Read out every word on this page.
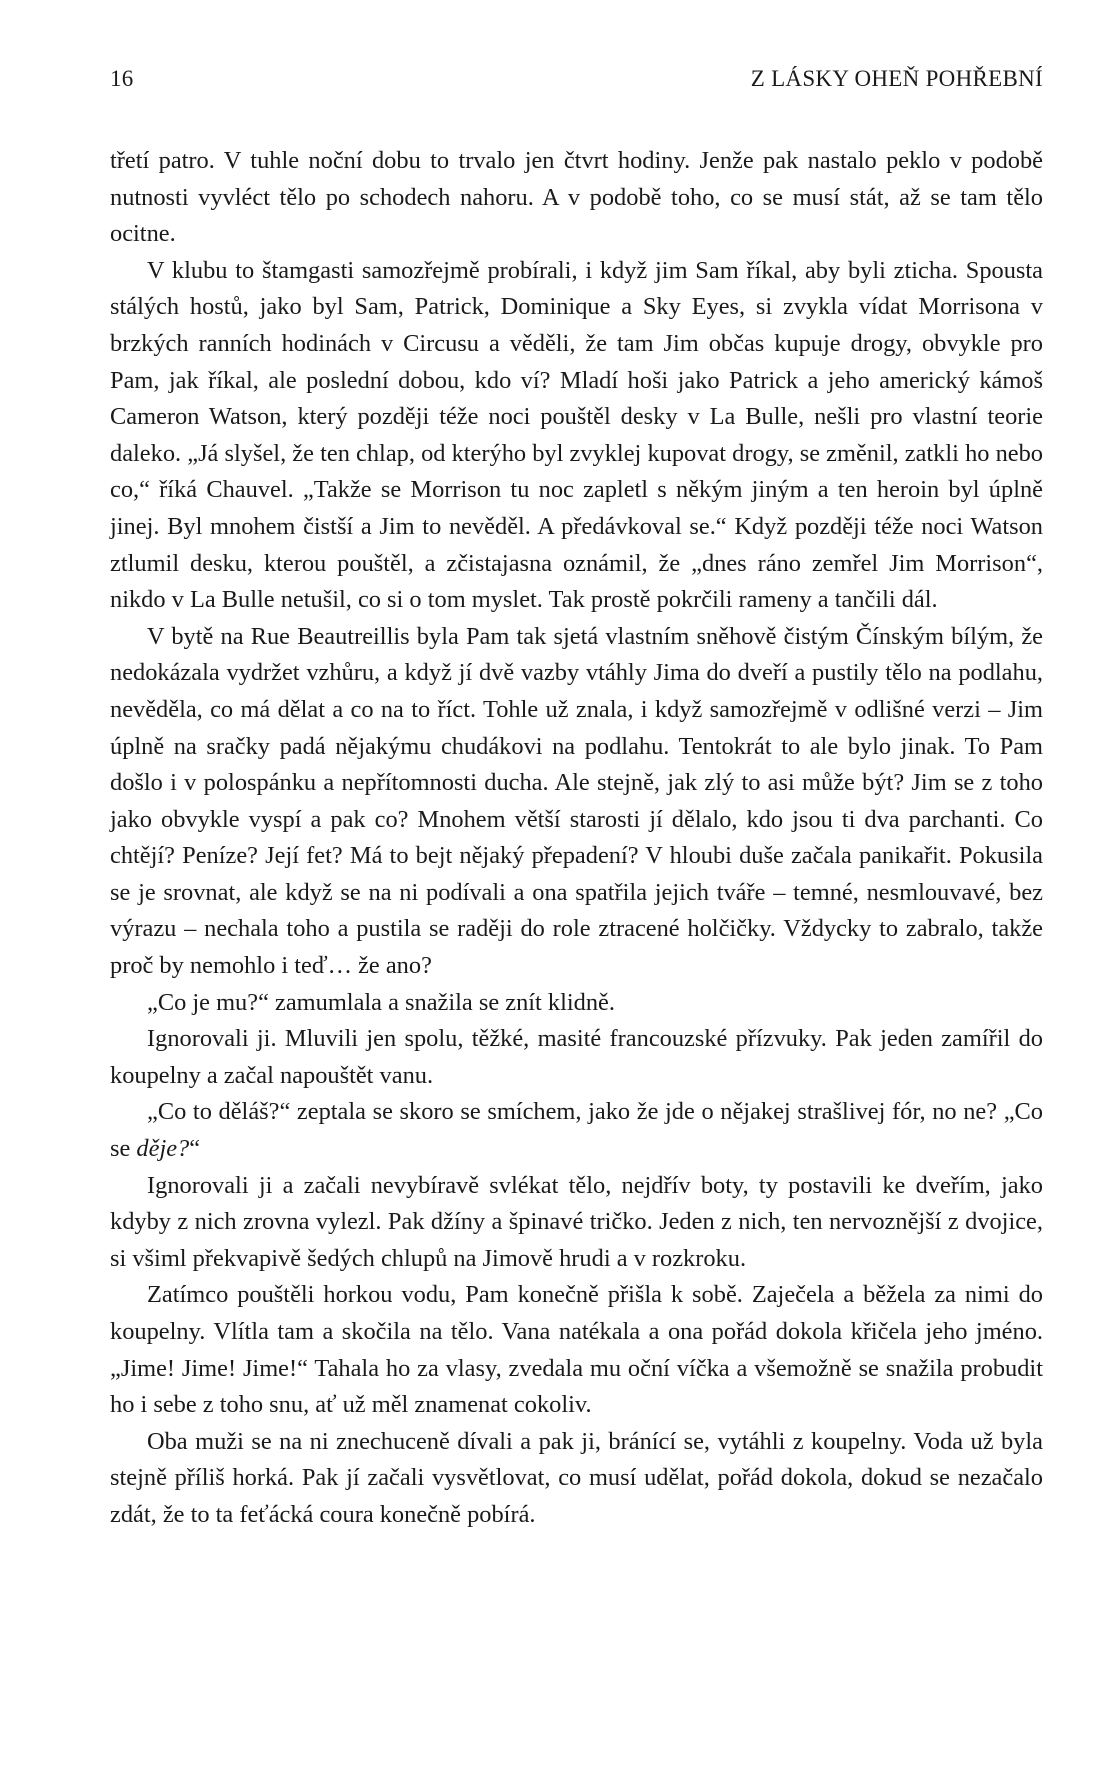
16	Z LÁSKY OHEŇ POHŘEBNÍ

třetí patro. V tuhle noční dobu to trvalo jen čtvrt hodiny. Jenže pak nastalo peklo v podobě nutnosti vyvléct tělo po schodech nahoru. A v podobě toho, co se musí stát, až se tam tělo ocitne.

V klubu to štamgasti samozřejmě probírali, i když jim Sam říkal, aby byli zticha. Spousta stálých hostů, jako byl Sam, Patrick, Dominique a Sky Eyes, si zvykla vídat Morrisona v brzkých ranních hodinách v Circusu a věděli, že tam Jim občas kupuje drogy, obvykle pro Pam, jak říkal, ale poslední dobou, kdo ví? Mladí hoši jako Patrick a jeho americký kámoš Cameron Watson, který později téže noci pouštěl desky v La Bulle, nešli pro vlastní teorie daleko. „Já slyšel, že ten chlap, od kterýho byl zvyklej kupovat drogy, se změnil, zatkli ho nebo co,“ říká Chauvel. „Takže se Morrison tu noc zapletl s někým jiným a ten heroin byl úplně jinej. Byl mnohem čistší a Jim to nevěděl. A předávkoval se.“ Když později téže noci Watson ztlumil desku, kterou pouštěl, a zčistajasna oznámil, že „dnes ráno zemřel Jim Morrison“, nikdo v La Bulle netušil, co si o tom myslet. Tak prostě pokrčili rameny a tančili dál.

V bytě na Rue Beautreillis byla Pam tak sjetá vlastním sněhově čistým Čínským bílým, že nedokázala vydržet vzhůru, a když jí dvě vazby vtáhly Jima do dveří a pustily tělo na podlahu, nevěděla, co má dělat a co na to říct. Tohle už znala, i když samozřejmě v odlišné verzi – Jim úplně na sračky padá nějakýmu chudákovi na podlahu. Tentokrát to ale bylo jinak. To Pam došlo i v polospánku a nepřítomnosti ducha. Ale stejně, jak zlý to asi může být? Jim se z toho jako obvykle vyspí a pak co? Mnohem větší starosti jí dělalo, kdo jsou ti dva parchanti. Co chtějí? Peníze? Její fet? Má to bejt nějaký přepadení? V hloubi duše začala panikařit. Pokusila se je srovnat, ale když se na ni podívali a ona spatřila jejich tváře – temné, nesmlouvavé, bez výrazu – nechala toho a pustila se raději do role ztracené holčičky. Vždycky to zabralo, takže proč by nemohlo i teď… že ano?

„Co je mu?“ zamumlala a snažila se znít klidně.

Ignorovali ji. Mluvili jen spolu, těžké, masité francouzské přízvuky. Pak jeden zamířil do koupelny a začal napouštět vanu.

„Co to děláš?“ zeptala se skoro se smíchem, jako že jde o nějakej strašlivej fór, no ne? „Co se děje?“

Ignorovali ji a začali nevybíravě svlékat tělo, nejdřív boty, ty postavili ke dveřím, jako kdyby z nich zrovna vylezl. Pak džíny a špinavé tričko. Jeden z nich, ten nervoznější z dvojice, si všiml překvapivě šedých chlupů na Jimově hrudi a v rozkroku.

Zatímco pouštěli horkou vodu, Pam konečně přišla k sobě. Zaječela a běžela za nimi do koupelny. Vlítla tam a skočila na tělo. Vana natékala a ona pořád dokola křičela jeho jméno. „Jime! Jime! Jime!“ Tahala ho za vlasy, zvedala mu oční víčka a všemožně se snažila probudit ho i sebe z toho snu, ať už měl znamenat cokoliv.

Oba muži se na ni znechuceně dívali a pak ji, bránící se, vytáhli z koupelny. Voda už byla stejně příliš horká. Pak jí začali vysvětlovat, co musí udělat, pořád dokola, dokud se nezačalo zdát, že to ta feťácká coura konečně pobírá.
